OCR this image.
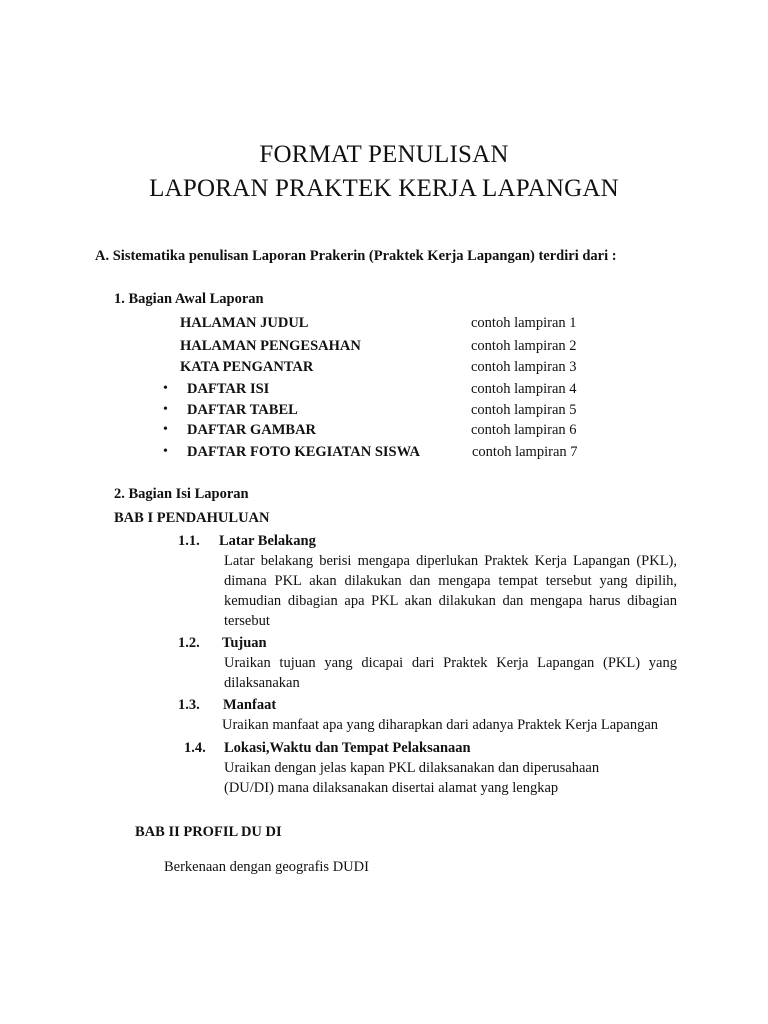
FORMAT PENULISAN
LAPORAN PRAKTEK KERJA LAPANGAN
A. Sistematika penulisan Laporan Prakerin (Praktek Kerja Lapangan) terdiri dari :
1. Bagian Awal Laporan
HALAMAN JUDUL	contoh lampiran 1
HALAMAN PENGESAHAN	contoh lampiran 2
KATA PENGANTAR	contoh lampiran 3
• DAFTAR ISI	contoh lampiran 4
• DAFTAR TABEL	contoh lampiran 5
• DAFTAR GAMBAR	contoh lampiran 6
• DAFTAR FOTO KEGIATAN SISWA	contoh lampiran 7
2. Bagian Isi Laporan
BAB I PENDAHULUAN
1.1. Latar Belakang
Latar belakang berisi mengapa diperlukan Praktek Kerja Lapangan (PKL), dimana PKL akan dilakukan dan mengapa tempat tersebut yang dipilih, kemudian dibagian apa PKL akan dilakukan dan mengapa harus dibagian tersebut
1.2. Tujuan
Uraikan tujuan yang dicapai dari Praktek Kerja Lapangan (PKL) yang dilaksanakan
1.3. Manfaat
Uraikan manfaat apa yang diharapkan dari adanya Praktek Kerja Lapangan
1.4. Lokasi,Waktu dan Tempat Pelaksanaan
Uraikan dengan jelas kapan PKL dilaksanakan dan diperusahaan
(DU/DI) mana dilaksanakan disertai alamat yang lengkap
BAB II PROFIL DU DI
Berkenaan dengan geografis DUDI
